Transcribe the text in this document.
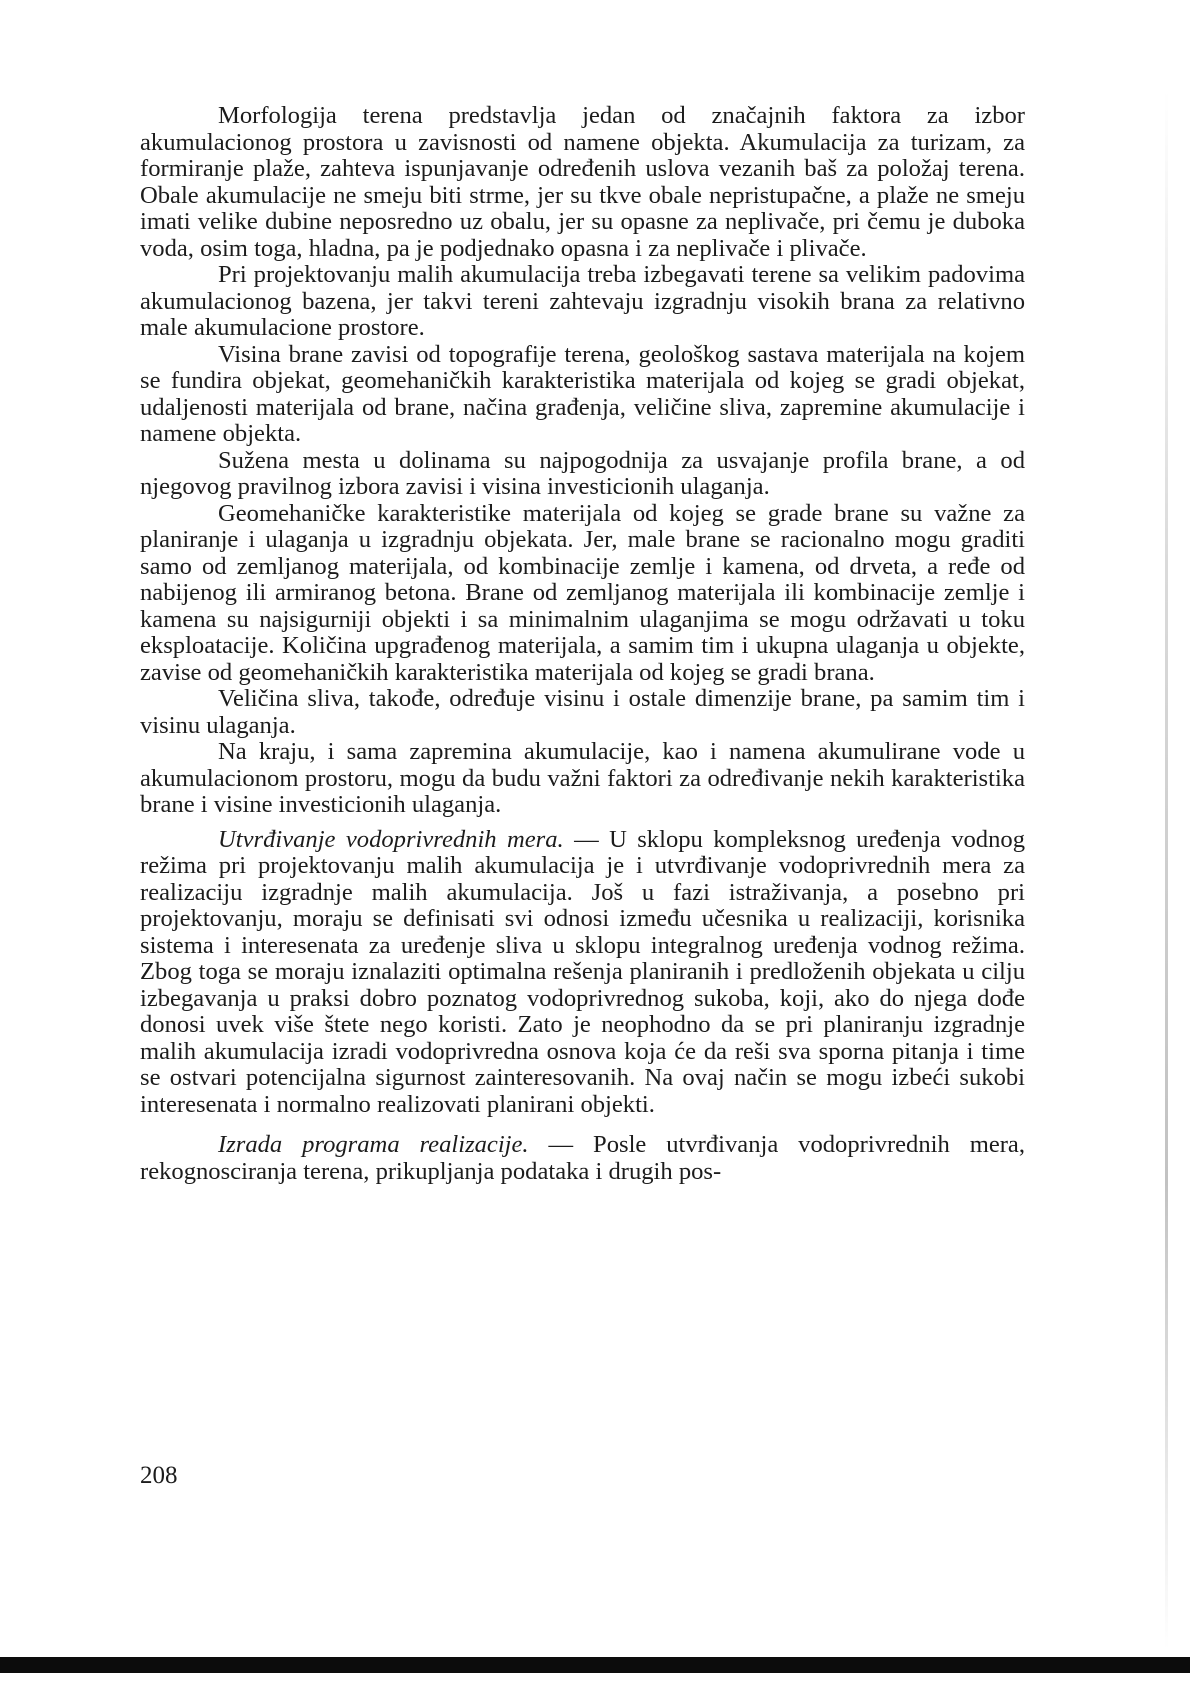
Morfologija terena predstavlja jedan od značajnih faktora za izbor akumulacionog prostora u zavisnosti od namene objekta. Akumulacija za turizam, za formiranje plaže, zahteva ispunjavanje određenih uslova vezanih baš za položaj terena. Obale akumulacije ne smeju biti strme, jer su tkve obale nepristupačne, a plaže ne smeju imati velike dubine neposredno uz obalu, jer su opasne za neplivače, pri čemu je duboka voda, osim toga, hladna, pa je podjednako opasna i za neplivače i plivače.

Pri projektovanju malih akumulacija treba izbegavati terene sa velikim padovima akumulacionog bazena, jer takvi tereni zahtevaju izgradnju visokih brana za relativno male akumulacione prostore.

Visina brane zavisi od topografije terena, geološkog sastava materijala na kojem se fundira objekat, geomehaničkih karakteristika materijala od kojeg se gradi objekat, udaljenosti materijala od brane, načina građenja, veličine sliva, zapremine akumulacije i namene objekta.

Sužena mesta u dolinama su najpogodnija za usvajanje profila brane, a od njegovog pravilnog izbora zavisi i visina investicionih ulaganja.

Geomehaničke karakteristike materijala od kojeg se grade brane su važne za planiranje i ulaganja u izgradnju objekata. Jer, male brane se racionalno mogu graditi samo od zemljanog materijala, od kombinacije zemlje i kamena, od drveta, a ređe od nabijenog ili armiranog betona. Brane od zemljanog materijala ili kombinacije zemlje i kamena su najsigurniji objekti i sa minimalnim ulaganjima se mogu održavati u toku eksploatacije. Količina upgrađenog materijala, a samim tim i ukupna ulaganja u objekte, zavise od geomehaničkih karakteristika materijala od kojeg se gradi brana.

Veličina sliva, takođe, određuje visinu i ostale dimenzije brane, pa samim tim i visinu ulaganja.

Na kraju, i sama zapremina akumulacije, kao i namena akumulirane vode u akumulacionom prostoru, mogu da budu važni faktori za određivanje nekih karakteristika brane i visine investicionih ulaganja.

Utvrđivanje vodoprivrednih mera. — U sklopu kompleksnog uređenja vodnog režima pri projektovanju malih akumulacija je i utvrđivanje vodoprivrednih mera za realizaciju izgradnje malih akumulacija. Još u fazi istraživanja, a posebno pri projektovanju, moraju se definisati svi odnosi između učesnika u realizaciji, korisnika sistema i interesenata za uređenje sliva u sklopu integralnog uređenja vodnog režima. Zbog toga se moraju iznalaziti optimalna rešenja planiranih i predloženih objekata u cilju izbegavanja u praksi dobro poznatog vodoprivrednog sukoba, koji, ako do njega dođe donosi uvek više štete nego koristi. Zato je neophodno da se pri planiranju izgradnje malih akumulacija izradi vodoprivredna osnova koja će da reši sva sporna pitanja i time se ostvari potencijalna sigurnost zainteresovanih. Na ovaj način se mogu izbeći sukobi interesenata i normalno realizovati planirani objekti.

Izrada programa realizacije. — Posle utvrđivanja vodoprivrednih mera, rekognosciranja terena, prikupljanja podataka i drugih pos-

208
